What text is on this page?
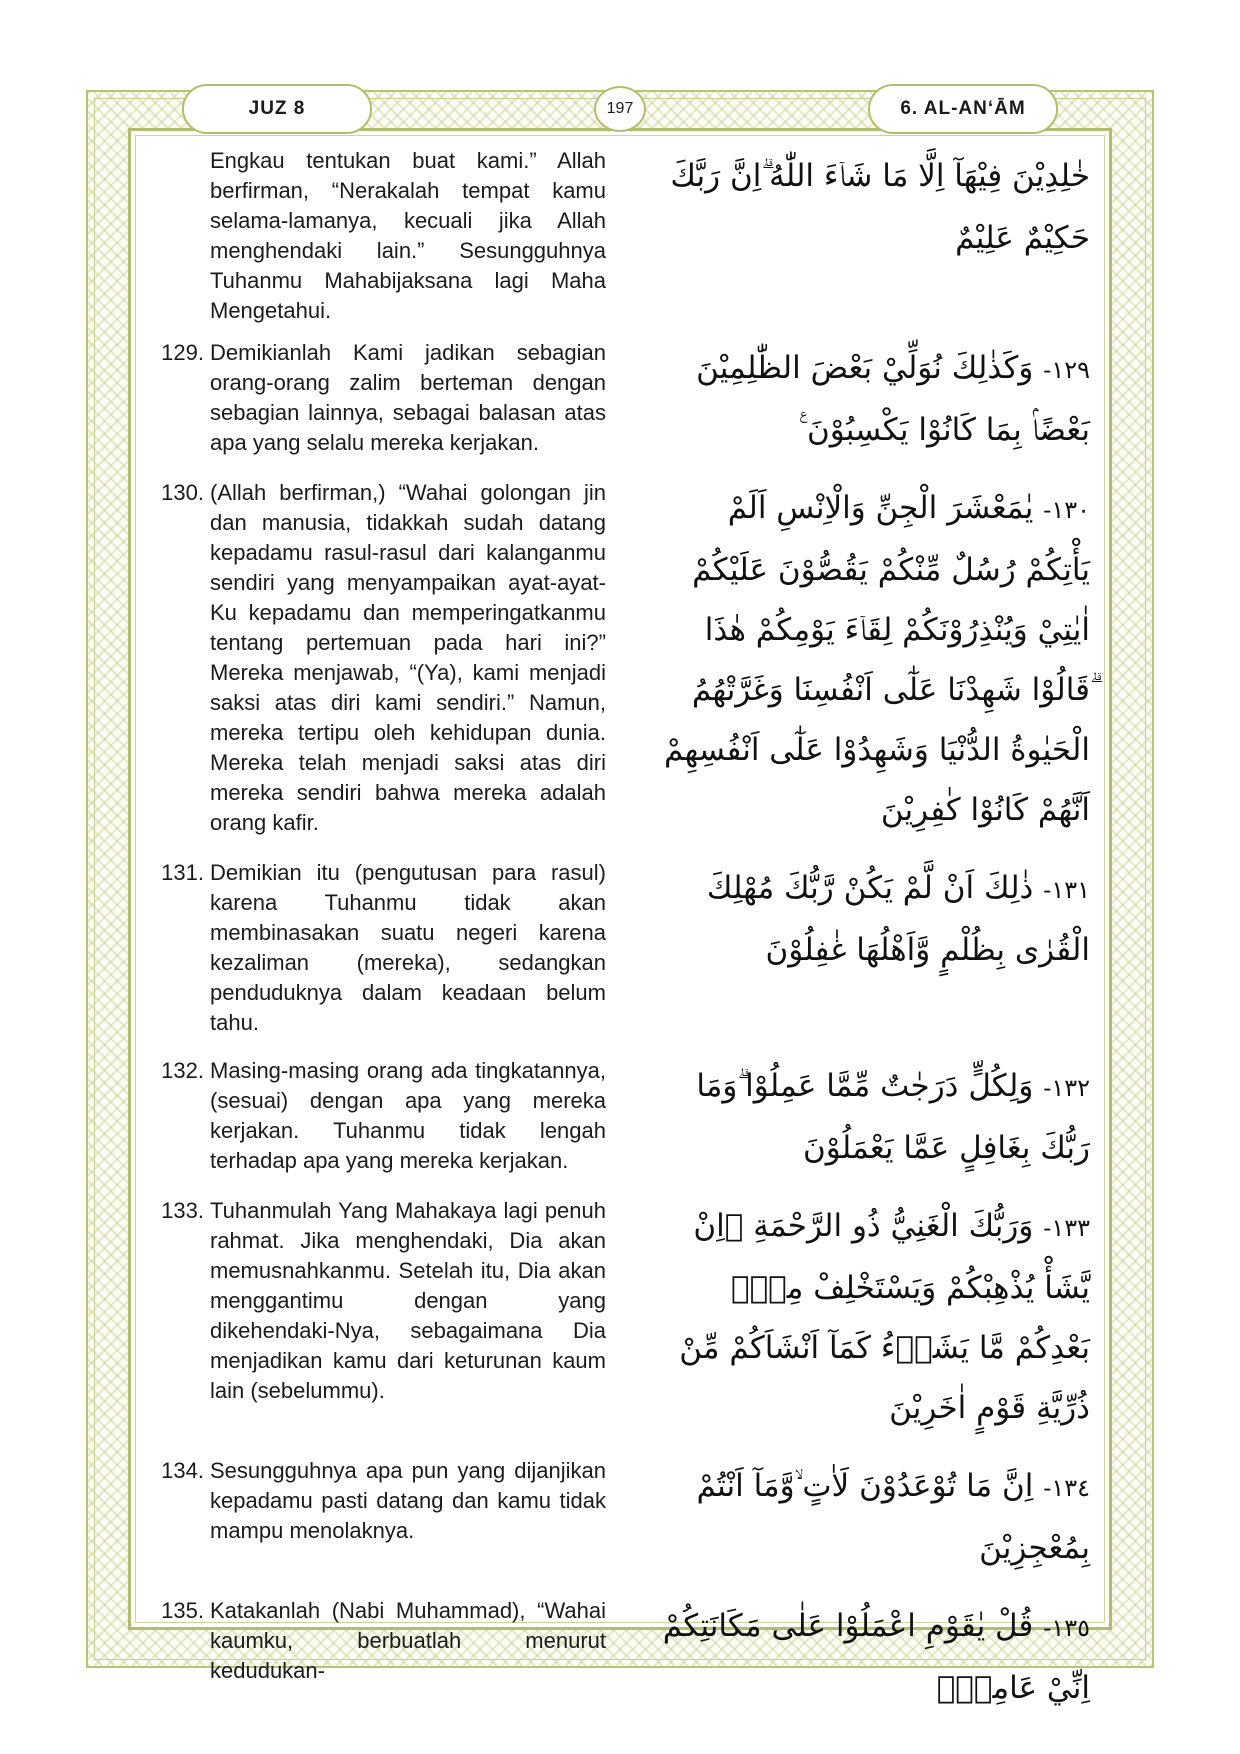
JUZ 8	197	6. AL-AN‘ĀM
Engkau tentukan buat kami.” Allah berfirman, “Nerakalah tempat kamu selama-lamanya, kecuali jika Allah menghendaki lain.” Sesungguhnya Tuhanmu Mahabijaksana lagi Maha Mengetahui.
خٰلِدِيْنَ فِيْهَآ اِلَّا مَا شَاۤءَ اللّٰهُ ۗاِنَّ رَبَّكَ حَكِيْمٌ عَلِيْمٌ
129. Demikianlah Kami jadikan sebagian orang-orang zalim berteman dengan sebagian lainnya, sebagai balasan atas apa yang selalu mereka kerjakan.
١٢٩- وَكَذٰلِكَ نُوَلِّيْ بَعْضَ الظّٰلِمِيْنَ بَعْضًاۢ بِمَا كَانُوْا يَكْسِبُوْنَ ࣖ
130. (Allah berfirman,) “Wahai golongan jin dan manusia, tidakkah sudah datang kepadamu rasul-rasul dari kalanganmu sendiri yang menyampaikan ayat-ayat-Ku kepadamu dan memperingatkanmu tentang pertemuan pada hari ini?” Mereka menjawab, “(Ya), kami menjadi saksi atas diri kami sendiri.” Namun, mereka tertipu oleh kehidupan dunia. Mereka telah menjadi saksi atas diri mereka sendiri bahwa mereka adalah orang kafir.
١٣٠- يٰمَعْشَرَ الْجِنِّ وَالْاِنْسِ اَلَمْ يَأْتِكُمْ رُسُلٌ مِّنْكُمْ يَقُصُّوْنَ عَلَيْكُمْ اٰيٰتِيْ وَيُنْذِرُوْنَكُمْ لِقَاۤءَ يَوْمِكُمْ هٰذَا ۗقَالُوْا شَهِدْنَا عَلٰٓى اَنْفُسِنَا وَغَرَّتْهُمُ الْحَيٰوةُ الدُّنْيَا وَشَهِدُوْا عَلٰٓى اَنْفُسِهِمْ اَنَّهُمْ كَانُوْا كٰفِرِيْنَ
131. Demikian itu (pengutusan para rasul) karena Tuhanmu tidak akan membinasakan suatu negeri karena kezaliman (mereka), sedangkan penduduknya dalam keadaan belum tahu.
١٣١- ذٰلِكَ اَنْ لَّمْ يَكُنْ رَّبُّكَ مُهْلِكَ الْقُرٰى بِظُلْمٍ وَّاَهْلُهَا غٰفِلُوْنَ
132. Masing-masing orang ada tingkatannya, (sesuai) dengan apa yang mereka kerjakan. Tuhanmu tidak lengah terhadap apa yang mereka kerjakan.
١٣٢- وَلِكُلٍّ دَرَجٰتٌ مِّمَّا عَمِلُوْا ۗوَمَا رَبُّكَ بِغَافِلٍ عَمَّا يَعْمَلُوْنَ
133. Tuhanmulah Yang Mahakaya lagi penuh rahmat. Jika menghendaki, Dia akan memusnahkanmu. Setelah itu, Dia akan menggantimu dengan yang dikehendaki-Nya, sebagaimana Dia menjadikan kamu dari keturunan kaum lain (sebelummu).
١٣٣- وَرَبُّكَ الْغَنِيُّ ذُو الرَّحْمَةِ ۗاِنْ يَّشَأْ يُذْهِبْكُمْ وَيَسْتَخْلِفْ مِنْۢ بَعْدِكُمْ مَّا يَشَاۤءُ كَمَآ اَنْشَاَكُمْ مِّنْ ذُرِّيَّةِ قَوْمٍ اٰخَرِيْنَ
134. Sesungguhnya apa pun yang dijanjikan kepadamu pasti datang dan kamu tidak mampu menolaknya.
١٣٤- اِنَّ مَا تُوْعَدُوْنَ لَاٰتٍ ۙوَّمَآ اَنْتُمْ بِمُعْجِزِيْنَ
135. Katakanlah (Nabi Muhammad), “Wahai kaumku, berbuatlah menurut kedudukan-
١٣٥- قُلْ يٰقَوْمِ اعْمَلُوْا عَلٰى مَكَانَتِكُمْ اِنِّيْ عَامِلٌۚ
